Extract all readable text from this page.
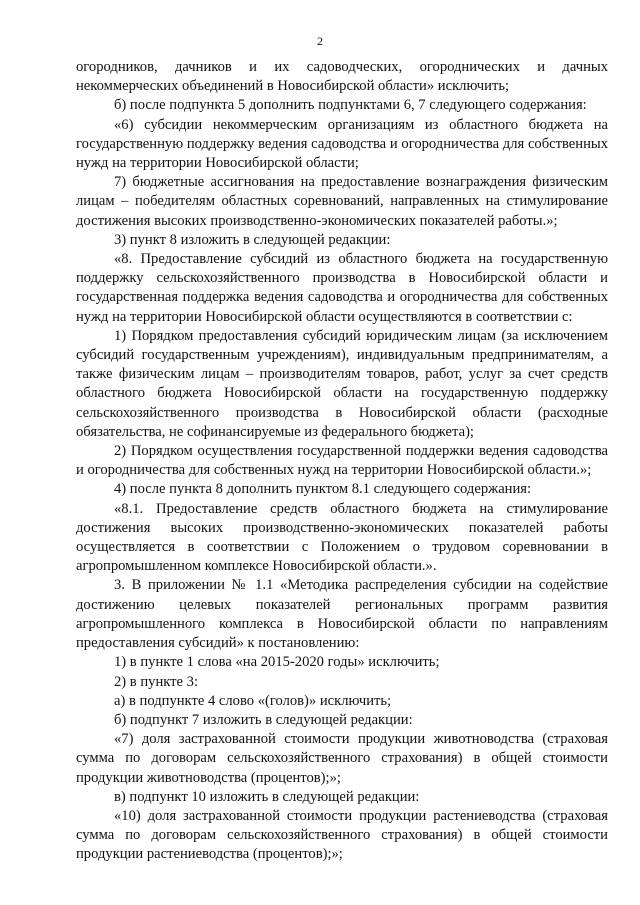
2

огородников, дачников и их садоводческих, огороднических и дачных некоммерческих объединений в Новосибирской области» исключить;

б) после подпункта 5 дополнить подпунктами 6, 7 следующего содержания:

«6) субсидии некоммерческим организациям из областного бюджета на государственную поддержку ведения садоводства и огородничества для собственных нужд на территории Новосибирской области;

7) бюджетные ассигнования на предоставление вознаграждения физическим лицам – победителям областных соревнований, направленных на стимулирование достижения высоких производственно-экономических показателей работы.»;

3) пункт 8 изложить в следующей редакции:

«8. Предоставление субсидий из областного бюджета на государственную поддержку сельскохозяйственного производства в Новосибирской области и государственная поддержка ведения садоводства и огородничества для собственных нужд на территории Новосибирской области осуществляются в соответствии с:

1) Порядком предоставления субсидий юридическим лицам (за исключением субсидий государственным учреждениям), индивидуальным предпринимателям, а также физическим лицам – производителям товаров, работ, услуг за счет средств областного бюджета Новосибирской области на государственную поддержку сельскохозяйственного производства в Новосибирской области (расходные обязательства, не софинансируемые из федерального бюджета);

2) Порядком осуществления государственной поддержки ведения садоводства и огородничества для собственных нужд на территории Новосибирской области.»;

4) после пункта 8 дополнить пунктом 8.1 следующего содержания:

«8.1. Предоставление средств областного бюджета на стимулирование достижения высоких производственно-экономических показателей работы осуществляется в соответствии с Положением о трудовом соревновании в агропромышленном комплексе Новосибирской области.».

3. В приложении № 1.1 «Методика распределения субсидии на содействие достижению целевых показателей региональных программ развития агропромышленного комплекса в Новосибирской области по направлениям предоставления субсидий» к постановлению:

1) в пункте 1 слова «на 2015-2020 годы» исключить;

2) в пункте 3:

а) в подпункте 4 слово «(голов)» исключить;

б) подпункт 7 изложить в следующей редакции:

«7) доля застрахованной стоимости продукции животноводства (страховая сумма по договорам сельскохозяйственного страхования) в общей стоимости продукции животноводства (процентов);»;

в) подпункт 10 изложить в следующей редакции:

«10) доля застрахованной стоимости продукции растениеводства (страховая сумма по договорам сельскохозяйственного страхования) в общей стоимости продукции растениеводства (процентов);»;
